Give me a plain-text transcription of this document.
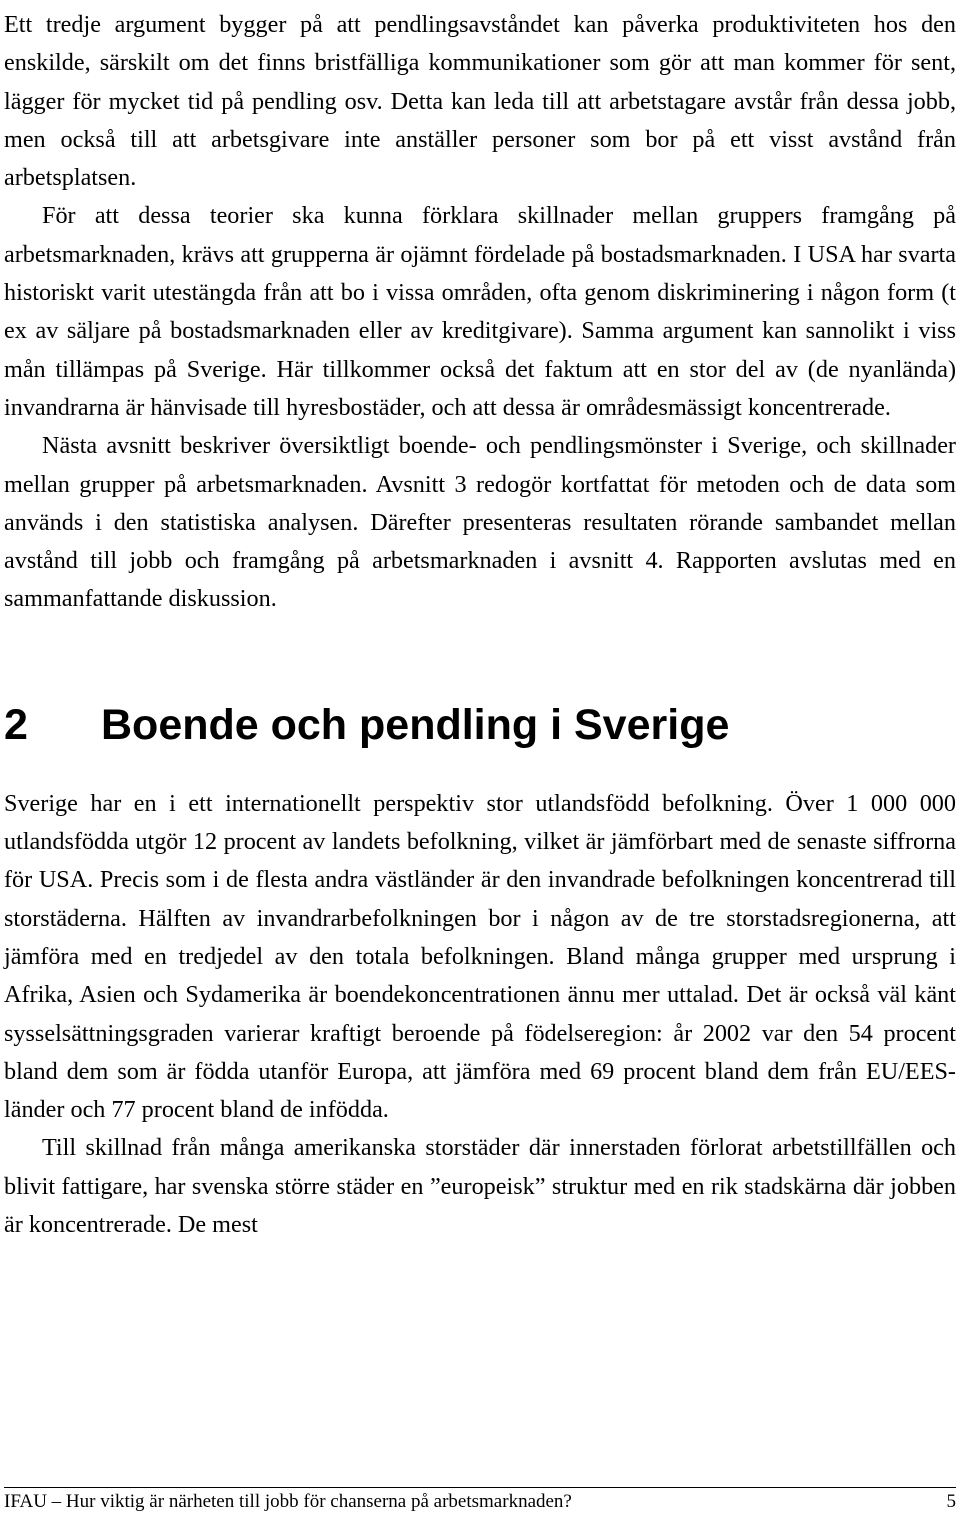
Ett tredje argument bygger på att pendlingsavståndet kan påverka produktiviteten hos den enskilde, särskilt om det finns bristfälliga kommunikationer som gör att man kommer för sent, lägger för mycket tid på pendling osv. Detta kan leda till att arbetstagare avstår från dessa jobb, men också till att arbetsgivare inte anställer personer som bor på ett visst avstånd från arbetsplatsen.

För att dessa teorier ska kunna förklara skillnader mellan gruppers framgång på arbetsmarknaden, krävs att grupperna är ojämnt fördelade på bostadsmarknaden. I USA har svarta historiskt varit utestängda från att bo i vissa områden, ofta genom diskriminering i någon form (t ex av säljare på bostadsmarknaden eller av kreditgivare). Samma argument kan sannolikt i viss mån tillämpas på Sverige. Här tillkommer också det faktum att en stor del av (de nyanlända) invandrarna är hänvisade till hyresbostäder, och att dessa är områdesmässigt koncentrerade.

Nästa avsnitt beskriver översiktligt boende- och pendlingsmönster i Sverige, och skillnader mellan grupper på arbetsmarknaden. Avsnitt 3 redogör kortfattat för metoden och de data som används i den statistiska analysen. Därefter presenteras resultaten rörande sambandet mellan avstånd till jobb och framgång på arbetsmarknaden i avsnitt 4. Rapporten avslutas med en sammanfattande diskussion.

2 Boende och pendling i Sverige

Sverige har en i ett internationellt perspektiv stor utlandsfödd befolkning. Över 1 000 000 utlandsfödda utgör 12 procent av landets befolkning, vilket är jämförbart med de senaste siffrorna för USA. Precis som i de flesta andra västländer är den invandrade befolkningen koncentrerad till storstäderna. Hälften av invandrarbefolkningen bor i någon av de tre storstadsregionerna, att jämföra med en tredjedel av den totala befolkningen. Bland många grupper med ursprung i Afrika, Asien och Sydamerika är boendekoncentrationen ännu mer uttalad. Det är också väl känt sysselsättningsgraden varierar kraftigt beroende på födelseregion: år 2002 var den 54 procent bland dem som är födda utanför Europa, att jämföra med 69 procent bland dem från EU/EES-länder och 77 procent bland de infödda.

Till skillnad från många amerikanska storstäder där innerstaden förlorat arbetstillfällen och blivit fattigare, har svenska större städer en ”europeisk” struktur med en rik stadskärna där jobben är koncentrerade. De mest

IFAU – Hur viktig är närheten till jobb för chanserna på arbetsmarknaden?	5
